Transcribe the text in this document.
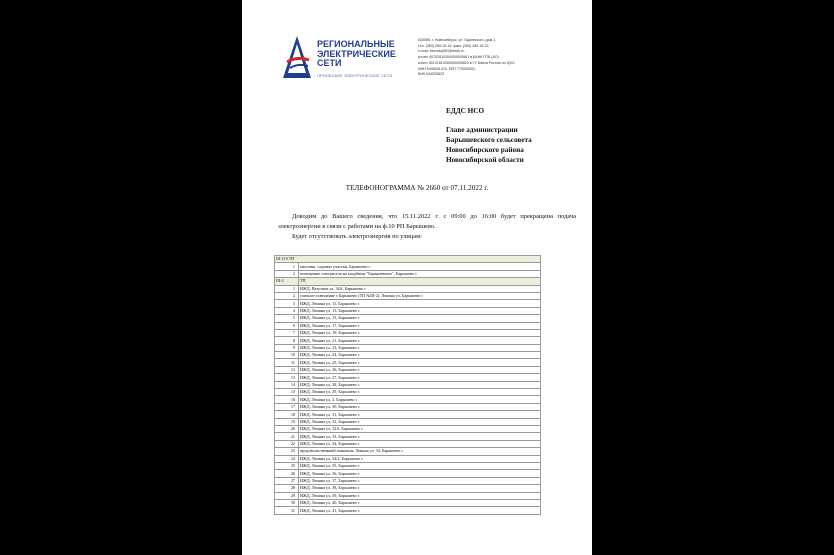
РЕГИОНАЛЬНЫЕ
ЭЛЕКТРИЧЕСКИЕ
СЕТИ
ПРИОБСКИЕ ЭЛЕКТРИЧЕСКИЕ СЕТИ
630065, г. Новосибирск, ул. Одоевского, дом 1,
тел. (383) 289-15-19, факс (383) 289-15-22,
e-mail: bezuxlaj963@eseti.ru
р/счет 40702810300000000661 в БАНК ГПБ (АО)
к/счет 30101810300000000823 в ГУ Банка России по ЦФО
ИНН 5406291470, КПП 775050001,
БИК 044525823
ЕДДС НСО
Главе администрации
Барышевского сельсовета
Новосибирского района
Новосибирской области
ТЕЛЕФОНОГРАММА № 2660 от 07.11.2022 г.

Доводим до Вашего сведения, что 15.11.2022 г. с 09:00 до 16:00 будет прекращена подача электроэнергии в связи с работами на ф.10 РП Барышево.

Будет отсутствовать электроэнергия по улицам:

III-119 ТП	
1	массивы, садовые участки, Барышево с
2	помещение смотрителя на кладбище "Барышевское", Барышево с
III-2	ТП
1	ИЖД, Ватутина ул, 34А, Барышево с
2	уличное освещение с Барышево (ТП №III-2), Ленина ул, Барышево с
3	ИЖД, Ленина ул, 11, Барышево с
4	ИЖД, Ленина ул, 13, Барышево с
5	ИЖД, Ленина ул, 15, Барышево с
6	ИЖД, Ленина ул, 17, Барышево с
7	ИЖД, Ленина ул, 19, Барышево с
8	ИЖД, Ленина ул, 21, Барышево с
9	ИЖД, Ленина ул, 23, Барышево с
10	ИЖД, Ленина ул, 24, Барышево с
11	ИЖД, Ленина ул, 25, Барышево с
12	ИЖД, Ленина ул, 26, Барышево с
13	ИЖД, Ленина ул, 27, Барышево с
14	ИЖД, Ленина ул, 28, Барышево с
15	ИЖД, Ленина ул, 29, Барышево с
16	ИЖД, Ленина ул, 3, Барышево с
17	ИЖД, Ленина ул, 30, Барышево с
18	ИЖД, Ленина ул, 31, Барышево с
19	ИЖД, Ленина ул, 32, Барышево с
20	ИЖД, Ленина ул, 32А, Барышево с
21	ИЖД, Ленина ул, 33, Барышево с
22	ИЖД, Ленина ул, 34, Барышево с
23	продовольственный павильон, Ленина ул, 34, Барышево с
24	ИЖД, Ленина ул, 34/2, Барышево с
25	ИЖД, Ленина ул, 35, Барышево с
26	ИЖД, Ленина ул, 36, Барышево с
27	ИЖД, Ленина ул, 37, Барышево с
28	ИЖД, Ленина ул, 38, Барышево с
29	ИЖД, Ленина ул, 39, Барышево с
30	ИЖД, Ленина ул, 40, Барышево с
31	ИЖД, Ленина ул, 41, Барышево с
